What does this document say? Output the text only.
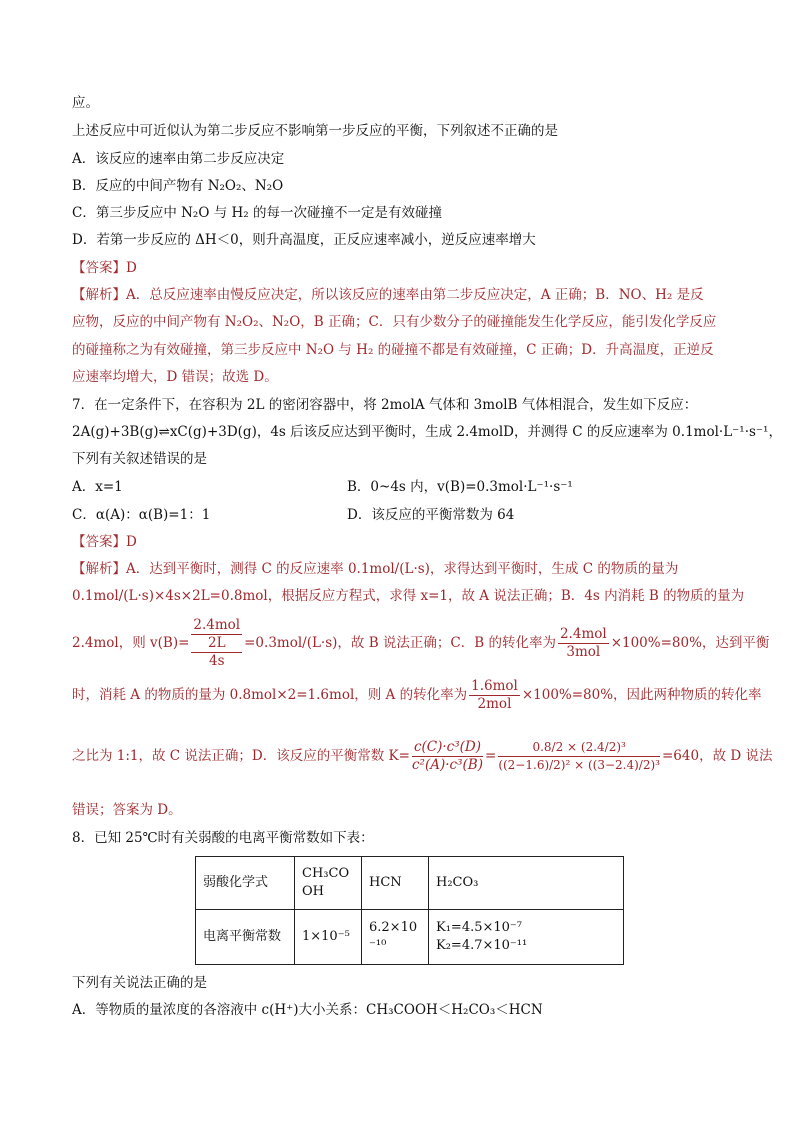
应。
上述反应中可近似认为第二步反应不影响第一步反应的平衡，下列叙述不正确的是
A．该反应的速率由第二步反应决定
B．反应的中间产物有 N₂O₂、N₂O
C．第三步反应中 N₂O 与 H₂ 的每一次碰撞不一定是有效碰撞
D．若第一步反应的 ΔH＜0，则升高温度，正反应速率减小，逆反应速率增大
【答案】D
【解析】A．总反应速率由慢反应决定，所以该反应的速率由第二步反应决定，A 正确；B．NO、H₂ 是反
应物，反应的中间产物有 N₂O₂、N₂O，B 正确；C．只有少数分子的碰撞能发生化学反应，能引发化学反应
的碰撞称之为有效碰撞，第三步反应中 N₂O 与 H₂ 的碰撞不都是有效碰撞，C 正确；D．升高温度，正逆反
应速率均增大，D 错误；故选 D。
7．在一定条件下，在容积为 2L 的密闭容器中，将 2molA 气体和 3molB 气体相混合，发生如下反应：
2A(g)+3B(g)⇌xC(g)+3D(g)，4s 后该反应达到平衡时，生成 2.4molD，并测得 C 的反应速率为 0.1mol·L⁻¹·s⁻¹，
下列有关叙述错误的是
A．x=1	B．0~4s 内，v(B)=0.3mol·L⁻¹·s⁻¹
C．α(A)：α(B)=1：1	D．该反应的平衡常数为 64
【答案】D
【解析】A．达到平衡时，测得 C 的反应速率 0.1mol/(L·s)，求得达到平衡时，生成 C 的物质的量为
0.1mol/(L·s)×4s×2L=0.8mol，根据反应方程式，求得 x=1，故 A 说法正确；B．4s 内消耗 B 的物质的量为
2.4mol，则 v(B)= 2.4mol
2L
4s =0.3mol/(L·s)，故 B 说法正确；C．B 的转化率为 $\frac{\text{2.4mol}}{\text{3mol}} \times 100\%=80\%$，达到平衡
时，消耗 A 的物质的量为 0.8mol×2=1.6mol，则 A 的转化率为 $\frac{\text{1.6mol}}{\text{2mol}} \times 100\%=80\%$，因此两种物质的转化率
之比为 1:1，故 C 说法正确；D．该反应的平衡常数 $K= \frac{\text{c(C)·c³(D)}}{\text{c²(A)·c³(B)}} = \frac{\text{0.8/2 × (2.4/2)³}}{\text{((2−1.6)/2)² × ((3−2.4)/2)³}} =640$，故 D 说法
错误；答案为 D。
8．已知 25℃时有关弱酸的电离平衡常数如下表：
弱酸化学式	CH₃COOH	HCN	H₂CO₃
电离平衡常数	1×10⁻⁵	6.2×10⁻¹⁰	K₁=4.5×10⁻⁷
K₂=4.7×10⁻¹¹
下列有关说法正确的是
A．等物质的量浓度的各溶液中 c(H⁺)大小关系：CH₃COOH＜H₂CO₃＜HCN
